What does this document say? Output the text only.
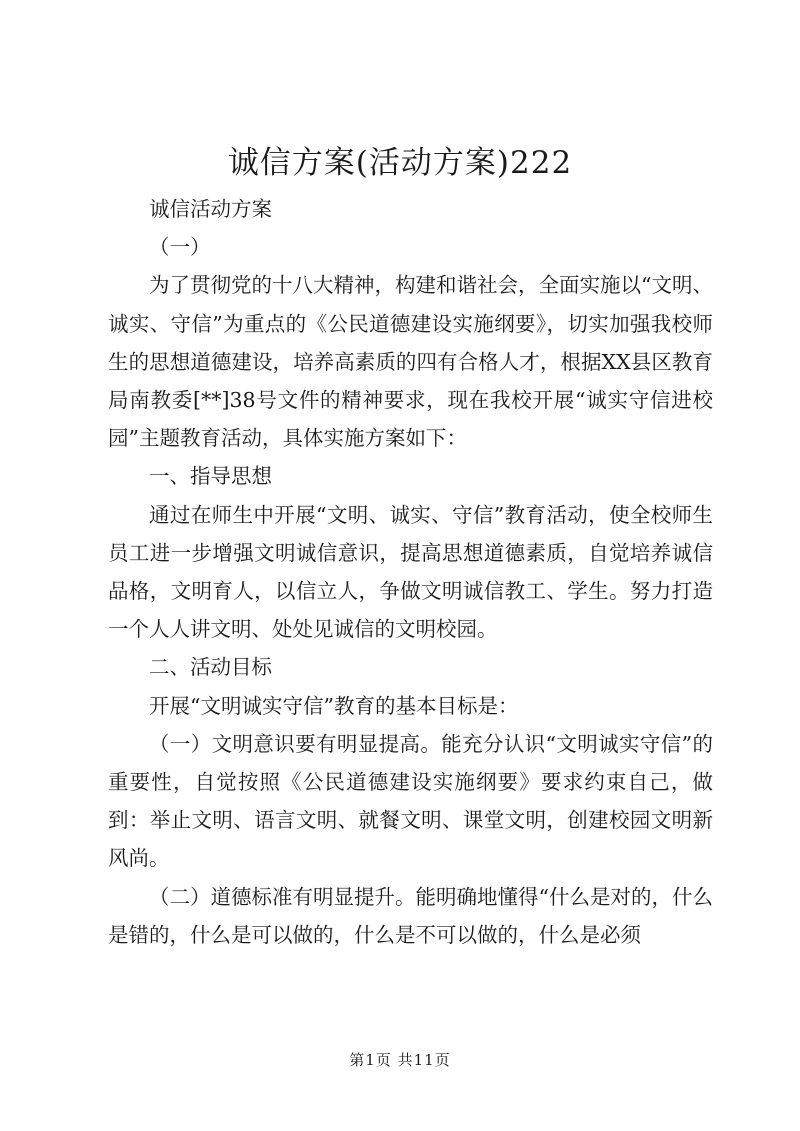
诚信方案(活动方案)222

诚信活动方案

（一）

为了贯彻党的十八大精神，构建和谐社会，全面实施以“文明、诚实、守信”为重点的《公民道德建设实施纲要》，切实加强我校师生的思想道德建设，培养高素质的四有合格人才，根据XX县区教育局南教委[**]38号文件的精神要求，现在我校开展“诚实守信进校园”主题教育活动，具体实施方案如下：

一、指导思想

通过在师生中开展“文明、诚实、守信”教育活动，使全校师生员工进一步增强文明诚信意识，提高思想道德素质，自觉培养诚信品格，文明育人，以信立人，争做文明诚信教工、学生。努力打造一个人人讲文明、处处见诚信的文明校园。

二、活动目标

开展“文明诚实守信”教育的基本目标是：

（一）文明意识要有明显提高。能充分认识“文明诚实守信”的重要性，自觉按照《公民道德建设实施纲要》要求约束自己，做到：举止文明、语言文明、就餐文明、课堂文明，创建校园文明新风尚。

（二）道德标准有明显提升。能明确地懂得“什么是对的，什么是错的，什么是可以做的，什么是不可以做的，什么是必须

第1页 共11页
